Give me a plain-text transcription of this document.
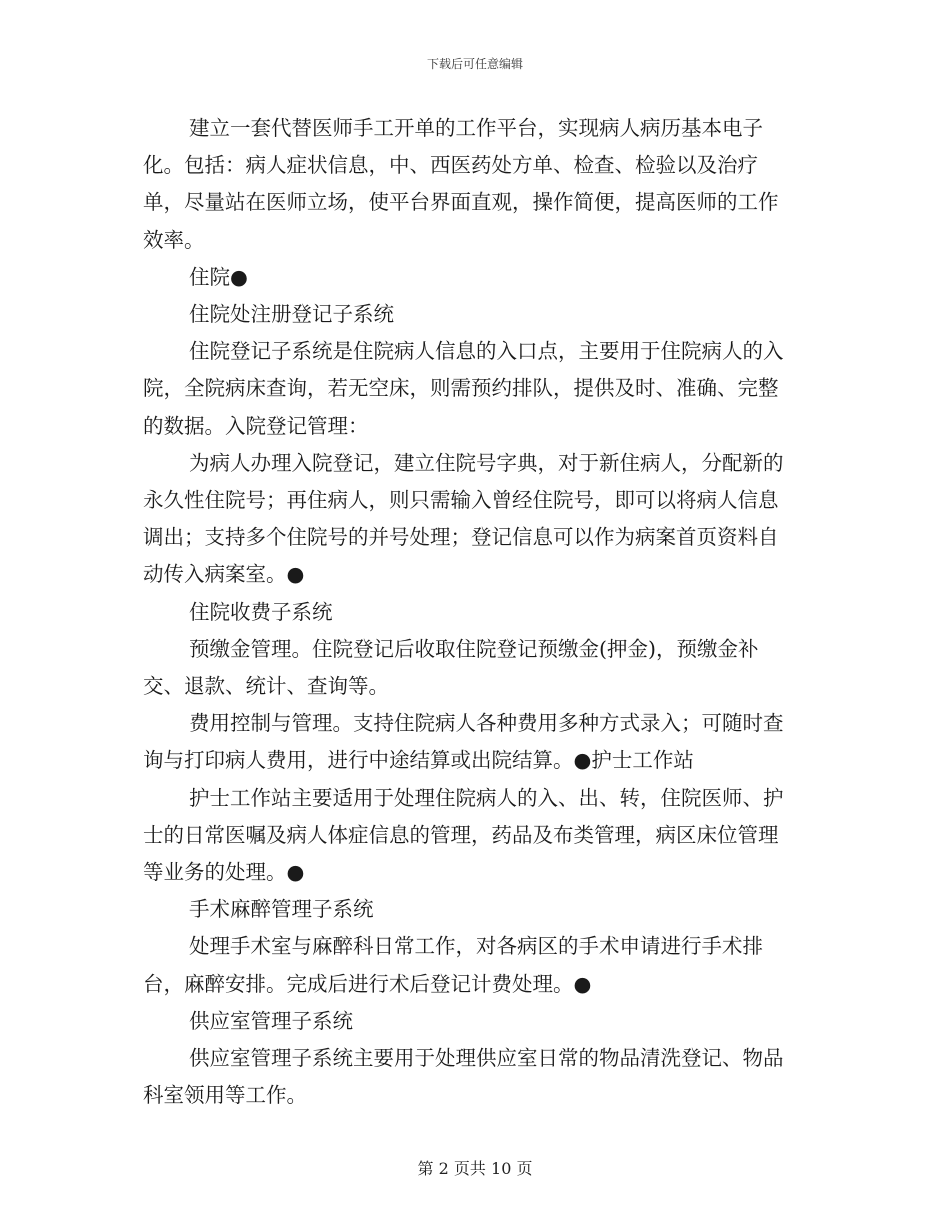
下载后可任意编辑

建立一套代替医师手工开单的工作平台，实现病人病历基本电子化。包括：病人症状信息，中、西医药处方单、检查、检验以及治疗单，尽量站在医师立场，使平台界面直观，操作简便，提高医师的工作效率。

住院●

住院处注册登记子系统

住院登记子系统是住院病人信息的入口点，主要用于住院病人的入院，全院病床查询，若无空床，则需预约排队，提供及时、准确、完整的数据。入院登记管理：

为病人办理入院登记，建立住院号字典，对于新住病人，分配新的永久性住院号；再住病人，则只需输入曾经住院号，即可以将病人信息调出；支持多个住院号的并号处理；登记信息可以作为病案首页资料自动传入病案室。●

住院收费子系统

预缴金管理。住院登记后收取住院登记预缴金(押金)，预缴金补交、退款、统计、查询等。

费用控制与管理。支持住院病人各种费用多种方式录入；可随时查询与打印病人费用，进行中途结算或出院结算。●护士工作站

护士工作站主要适用于处理住院病人的入、出、转，住院医师、护士的日常医嘱及病人体症信息的管理，药品及布类管理，病区床位管理等业务的处理。●

手术麻醉管理子系统

处理手术室与麻醉科日常工作，对各病区的手术申请进行手术排台，麻醉安排。完成后进行术后登记计费处理。●

供应室管理子系统

供应室管理子系统主要用于处理供应室日常的物品清洗登记、物品科室领用等工作。

第 2 页共 10 页
